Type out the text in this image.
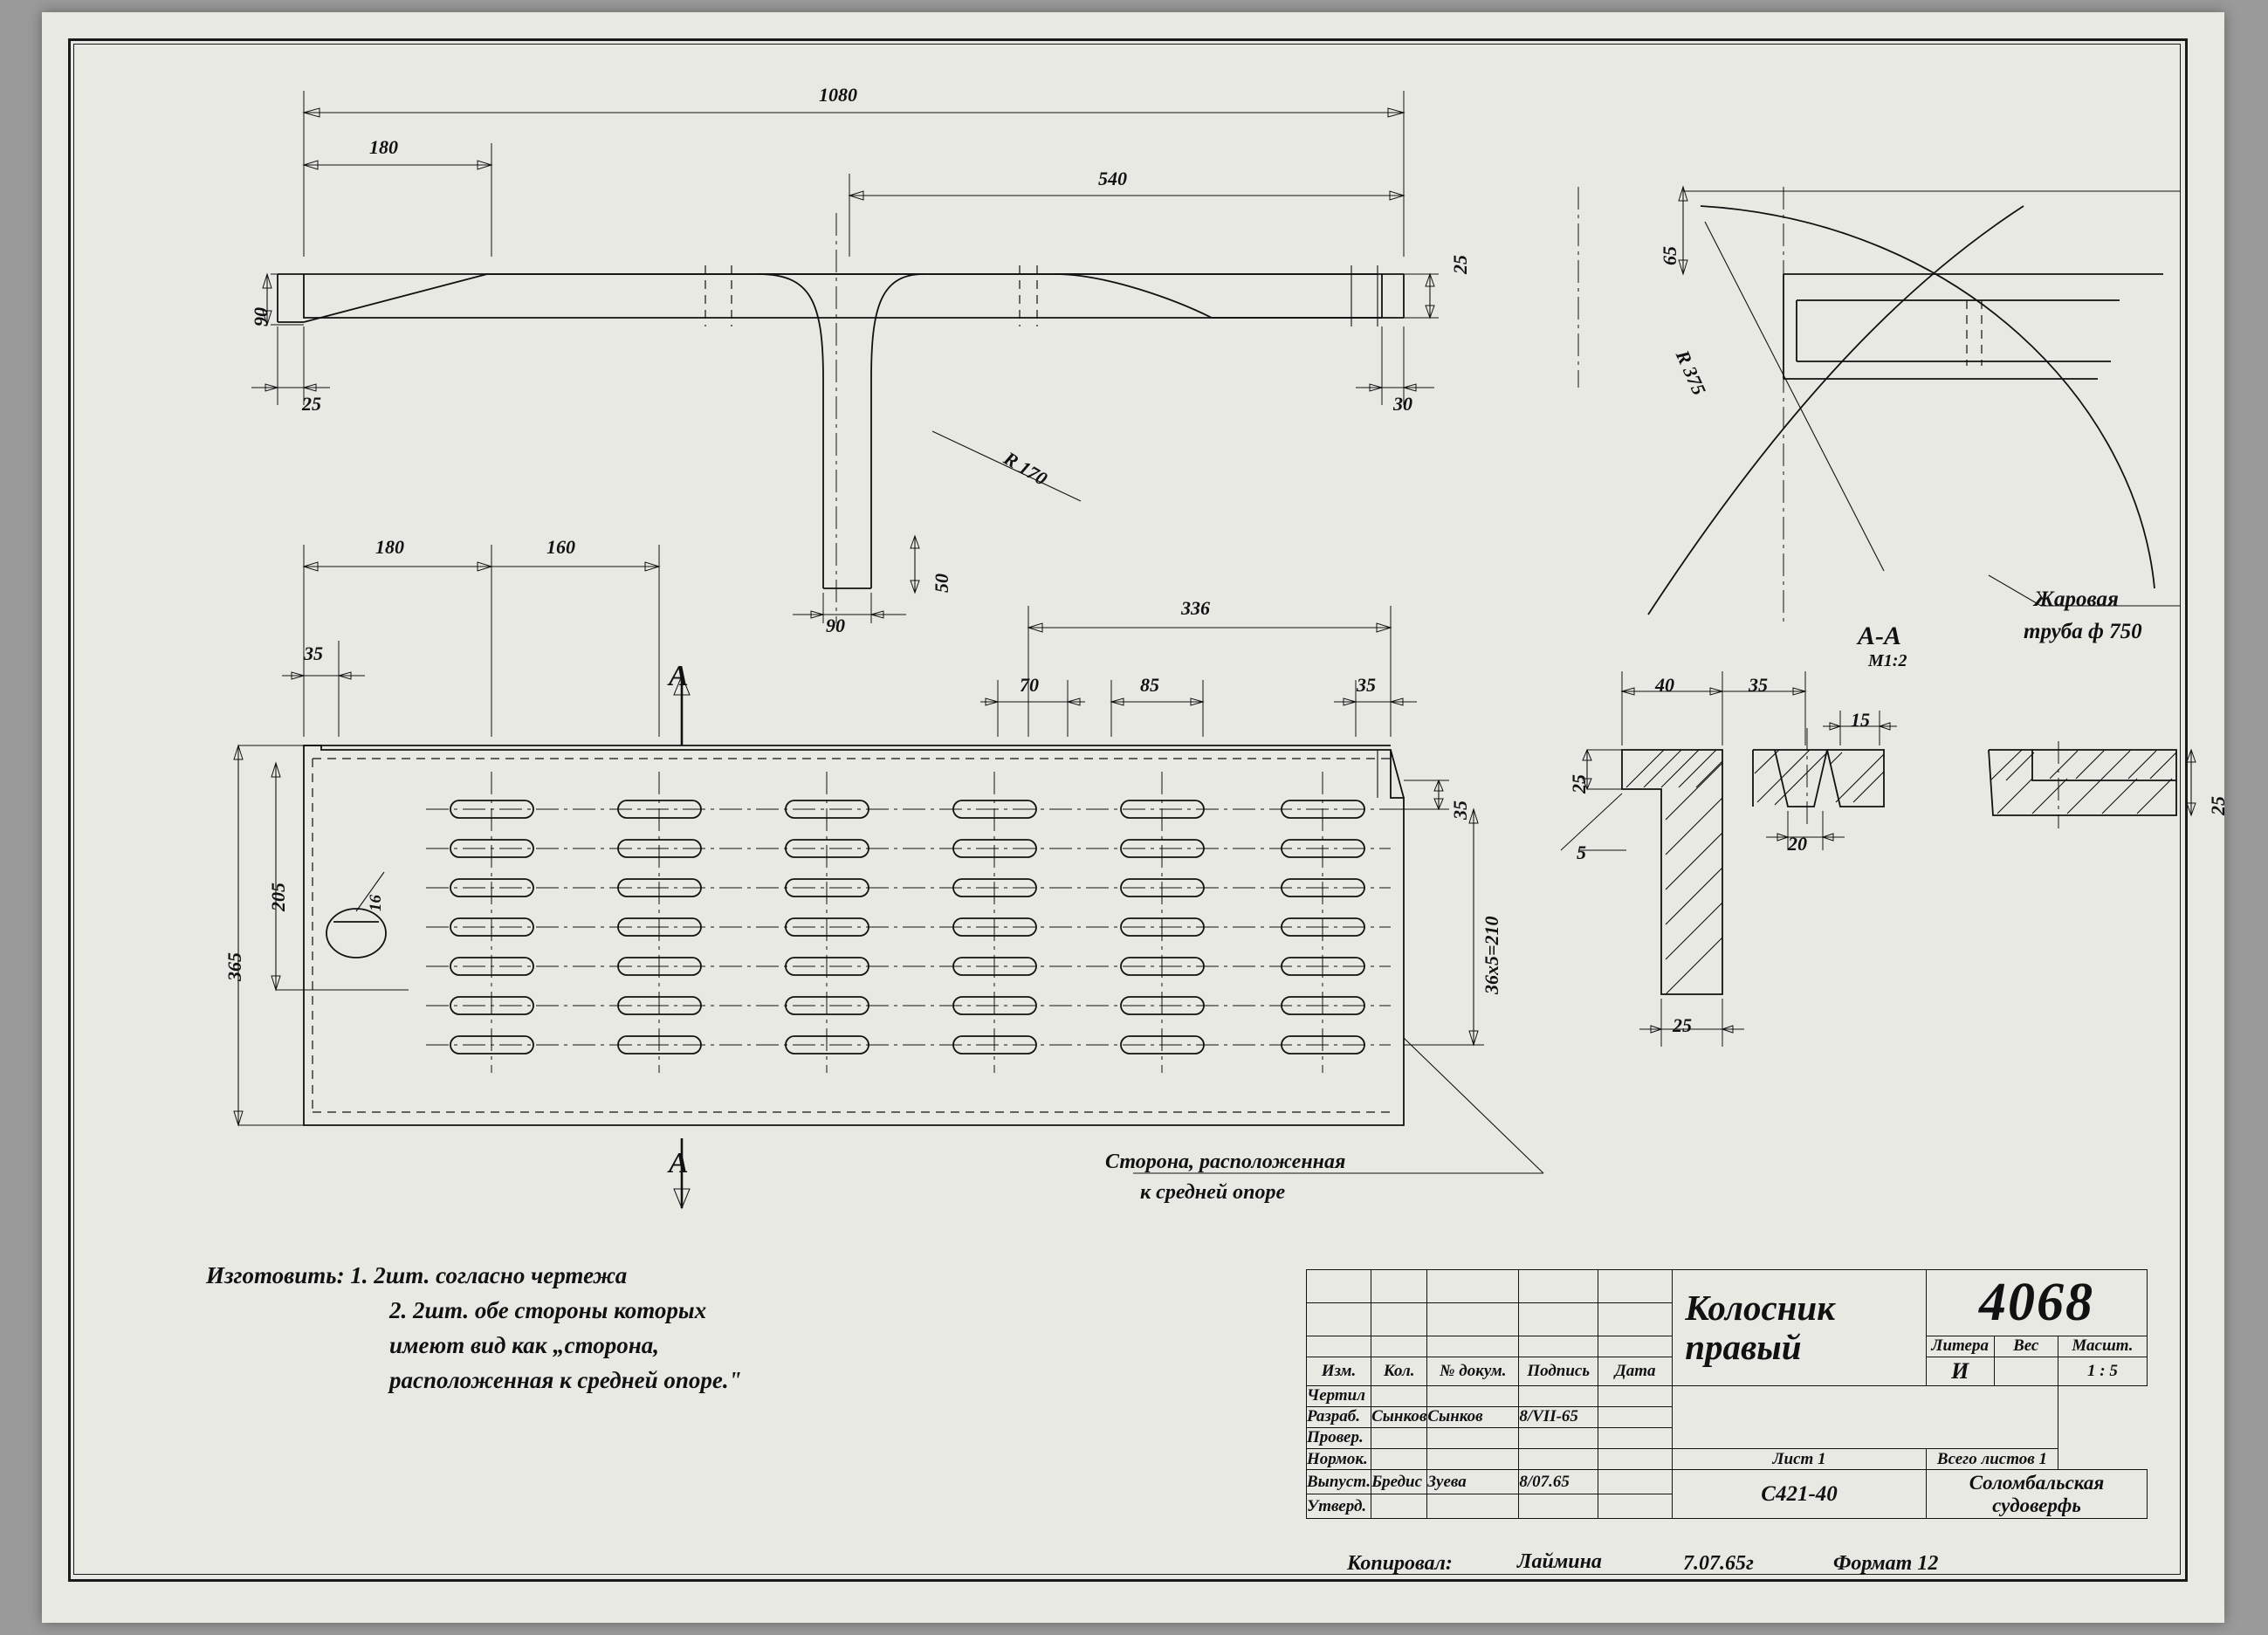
1080
180
540
90
25
25
30
R 170
50
90
180	160
35
205
365
16
336
70	85	35
35
36x5=210
А
А	Сторона, расположенная
к средней опоре
65
R 375
Жаровая
труба ф 750
А-А
М1:2
40	35
15
25
5	20
25
25
Изготовить: 1. 2шт. согласно чертежа
2. 2шт. обе стороны которых
имеют вид как „сторона,
расположенная к средней опоре."

					Колосник
правый	4068		

						Литера	Вес	Масшт.
Изм.	Кол.	№ докум.	Подпись	Дата		И		1 : 5
Чертил								
Разраб.	Сынков	Сынков	8/VII-65					
Провер.								
Нормок.					Лист 1	Всего листов 1		
Выпуст.	Бредис	Зуева	8/07.65		С421-40	Соломбальская
судоверфь		

Утверд.								
Копировал:	Лаймина	7.07.65г	Формат 12
